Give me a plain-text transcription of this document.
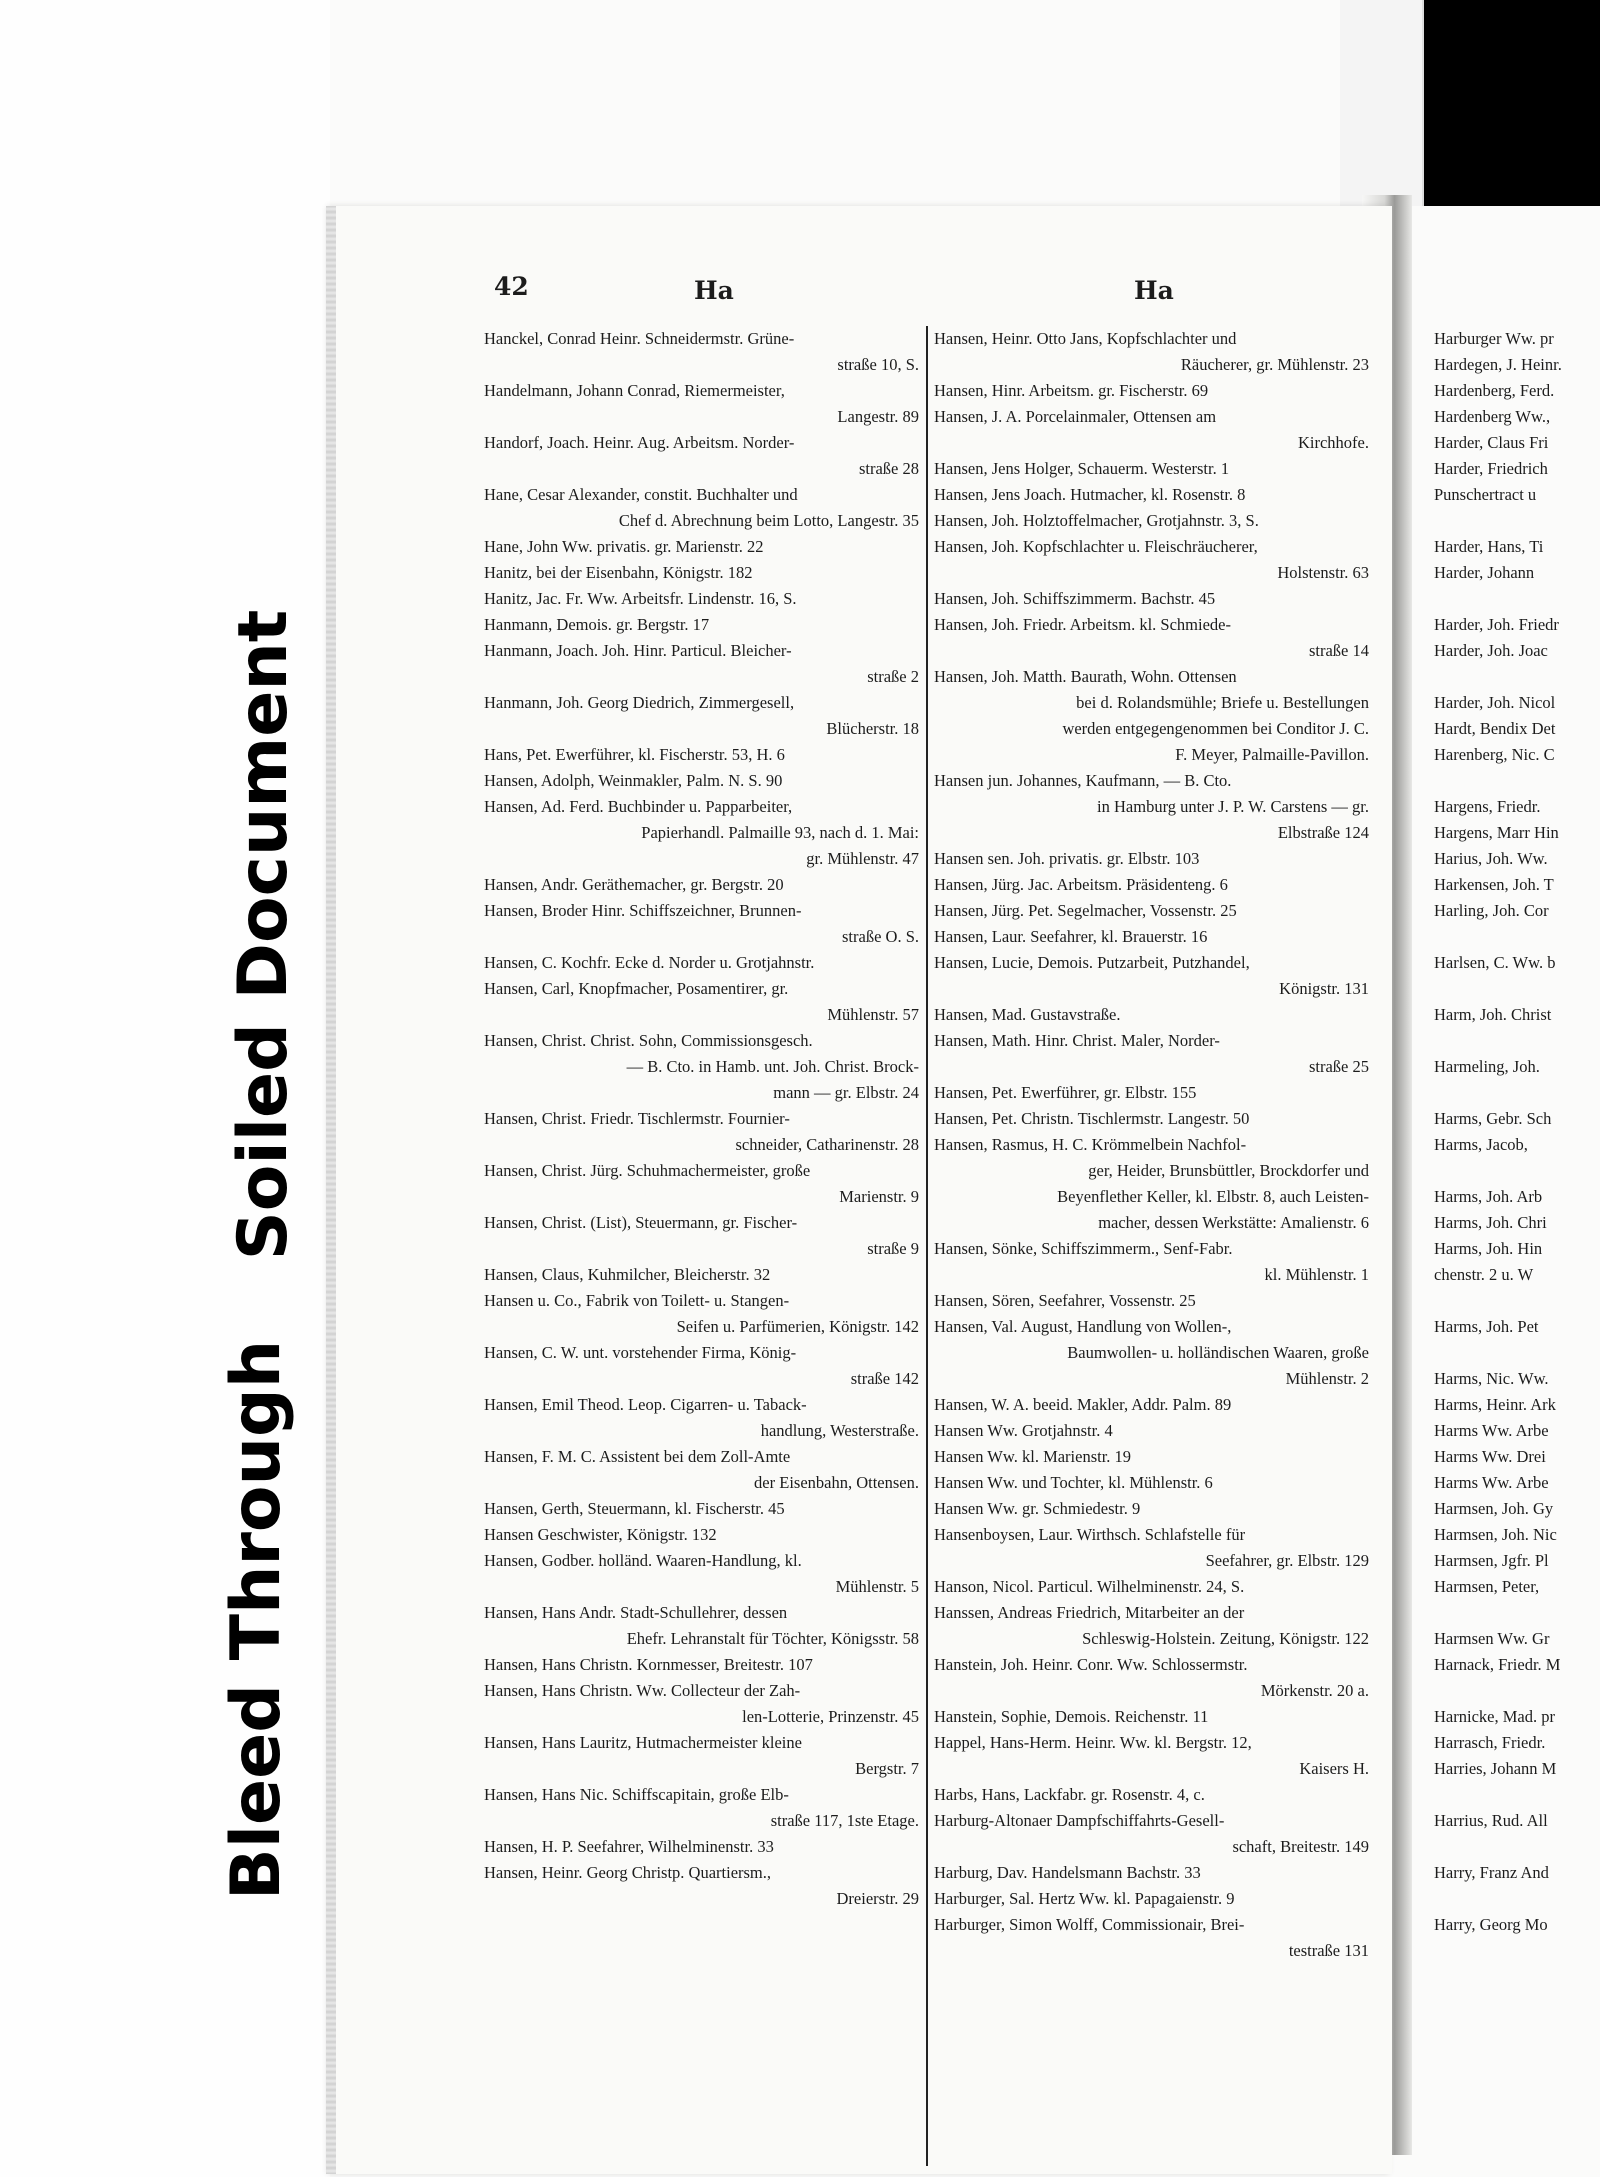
Soiled Document
Bleed Through
42	Ha	Ha
Hanckel, Conrad Heinr. Schneidermstr. Grüne-
straße 10, S.
Handelmann, Johann Conrad, Riemermeister,
Langestr. 89
Handorf, Joach. Heinr. Aug. Arbeitsm. Norder-
straße 28
Hane, Cesar Alexander, constit. Buchhalter und
Chef d. Abrechnung beim Lotto, Langestr. 35
Hane, John Ww. privatis. gr. Marienstr. 22
Hanitz, bei der Eisenbahn, Königstr. 182
Hanitz, Jac. Fr. Ww. Arbeitsfr. Lindenstr. 16, S.
Hanmann, Demois. gr. Bergstr. 17
Hanmann, Joach. Joh. Hinr. Particul. Bleicher-
straße 2
Hanmann, Joh. Georg Diedrich, Zimmergesell,
Blücherstr. 18
Hans, Pet. Ewerführer, kl. Fischerstr. 53, H. 6
Hansen, Adolph, Weinmakler, Palm. N. S. 90
Hansen, Ad. Ferd. Buchbinder u. Papparbeiter,
Papierhandl. Palmaille 93, nach d. 1. Mai:
gr. Mühlenstr. 47
Hansen, Andr. Geräthemacher, gr. Bergstr. 20
Hansen, Broder Hinr. Schiffszeichner, Brunnen-
straße O. S.
Hansen, C. Kochfr. Ecke d. Norder u. Grotjahnstr.
Hansen, Carl, Knopfmacher, Posamentirer, gr.
Mühlenstr. 57
Hansen, Christ. Christ. Sohn, Commissionsgesch.
— B. Cto. in Hamb. unt. Joh. Christ. Brock-
mann — gr. Elbstr. 24
Hansen, Christ. Friedr. Tischlermstr. Fournier-
schneider, Catharinenstr. 28
Hansen, Christ. Jürg. Schuhmachermeister, große
Marienstr. 9
Hansen, Christ. (List), Steuermann, gr. Fischer-
straße 9
Hansen, Claus, Kuhmilcher, Bleicherstr. 32
Hansen u. Co., Fabrik von Toilett- u. Stangen-
Seifen u. Parfümerien, Königstr. 142
Hansen, C. W. unt. vorstehender Firma, König-
straße 142
Hansen, Emil Theod. Leop. Cigarren- u. Taback-
handlung, Westerstraße.
Hansen, F. M. C. Assistent bei dem Zoll-Amte
der Eisenbahn, Ottensen.
Hansen, Gerth, Steuermann, kl. Fischerstr. 45
Hansen Geschwister, Königstr. 132
Hansen, Godber. holländ. Waaren-Handlung, kl.
Mühlenstr. 5
Hansen, Hans Andr. Stadt-Schullehrer, dessen
Ehefr. Lehranstalt für Töchter, Königsstr. 58
Hansen, Hans Christn. Kornmesser, Breitestr. 107
Hansen, Hans Christn. Ww. Collecteur der Zah-
len-Lotterie, Prinzenstr. 45
Hansen, Hans Lauritz, Hutmachermeister kleine
Bergstr. 7
Hansen, Hans Nic. Schiffscapitain, große Elb-
straße 117, 1ste Etage.
Hansen, H. P. Seefahrer, Wilhelminenstr. 33
Hansen, Heinr. Georg Christp. Quartiersm.,
Dreierstr. 29
Hansen, Heinr. Otto Jans, Kopfschlachter und
Räucherer, gr. Mühlenstr. 23
Hansen, Hinr. Arbeitsm. gr. Fischerstr. 69
Hansen, J. A. Porcelainmaler, Ottensen am
Kirchhofe.
Hansen, Jens Holger, Schauerm. Westerstr. 1
Hansen, Jens Joach. Hutmacher, kl. Rosenstr. 8
Hansen, Joh. Holztoffelmacher, Grotjahnstr. 3, S.
Hansen, Joh. Kopfschlachter u. Fleischräucherer,
Holstenstr. 63
Hansen, Joh. Schiffszimmerm. Bachstr. 45
Hansen, Joh. Friedr. Arbeitsm. kl. Schmiede-
straße 14
Hansen, Joh. Matth. Baurath, Wohn. Ottensen
bei d. Rolandsmühle; Briefe u. Bestellungen
werden entgegengenommen bei Conditor J. C.
F. Meyer, Palmaille-Pavillon.
Hansen jun. Johannes, Kaufmann, — B. Cto.
in Hamburg unter J. P. W. Carstens — gr.
Elbstraße 124
Hansen sen. Joh. privatis. gr. Elbstr. 103
Hansen, Jürg. Jac. Arbeitsm. Präsidenteng. 6
Hansen, Jürg. Pet. Segelmacher, Vossenstr. 25
Hansen, Laur. Seefahrer, kl. Brauerstr. 16
Hansen, Lucie, Demois. Putzarbeit, Putzhandel,
Königstr. 131
Hansen, Mad. Gustavstraße.
Hansen, Math. Hinr. Christ. Maler, Norder-
straße 25
Hansen, Pet. Ewerführer, gr. Elbstr. 155
Hansen, Pet. Christn. Tischlermstr. Langestr. 50
Hansen, Rasmus, H. C. Krömmelbein Nachfol-
ger, Heider, Brunsbüttler, Brockdorfer und
Beyenflether Keller, kl. Elbstr. 8, auch Leisten-
macher, dessen Werkstätte: Amalienstr. 6
Hansen, Sönke, Schiffszimmerm., Senf-Fabr.
kl. Mühlenstr. 1
Hansen, Sören, Seefahrer, Vossenstr. 25
Hansen, Val. August, Handlung von Wollen-,
Baumwollen- u. holländischen Waaren, große
Mühlenstr. 2
Hansen, W. A. beeid. Makler, Addr. Palm. 89
Hansen Ww. Grotjahnstr. 4
Hansen Ww. kl. Marienstr. 19
Hansen Ww. und Tochter, kl. Mühlenstr. 6
Hansen Ww. gr. Schmiedestr. 9
Hansenboysen, Laur. Wirthsch. Schlafstelle für
Seefahrer, gr. Elbstr. 129
Hanson, Nicol. Particul. Wilhelminenstr. 24, S.
Hanssen, Andreas Friedrich, Mitarbeiter an der
Schleswig-Holstein. Zeitung, Königstr. 122
Hanstein, Joh. Heinr. Conr. Ww. Schlossermstr.
Mörkenstr. 20 a.
Hanstein, Sophie, Demois. Reichenstr. 11
Happel, Hans-Herm. Heinr. Ww. kl. Bergstr. 12,
Kaisers H.
Harbs, Hans, Lackfabr. gr. Rosenstr. 4, c.
Harburg-Altonaer Dampfschiffahrts-Gesell-
schaft, Breitestr. 149
Harburg, Dav. Handelsmann Bachstr. 33
Harburger, Sal. Hertz Ww. kl. Papagaienstr. 9
Harburger, Simon Wolff, Commissionair, Brei-
testraße 131
Harburger Ww. pr
Hardegen, J. Heinr.
Hardenberg, Ferd.
Hardenberg Ww.,
Harder, Claus Fri
Harder, Friedrich
Punschertract u
Harder, Hans, Ti
Harder, Johann
Harder, Joh. Friedr
Harder, Joh. Joac
Harder, Joh. Nicol
Hardt, Bendix Det
Harenberg, Nic. C
Hargens, Friedr.
Hargens, Marr Hin
Harius, Joh. Ww.
Harkensen, Joh. T
Harling, Joh. Cor
Harlsen, C. Ww. b
Harm, Joh. Christ
Harmeling, Joh.
Harms, Gebr. Sch
Harms, Jacob,
Harms, Joh. Arb
Harms, Joh. Chri
Harms, Joh. Hin
chenstr. 2 u. W
Harms, Joh. Pet
Harms, Nic. Ww.
Harms, Heinr. Ark
Harms Ww. Arbe
Harms Ww. Drei
Harms Ww. Arbe
Harmsen, Joh. Gy
Harmsen, Joh. Nic
Harmsen, Jgfr. Pl
Harmsen, Peter,
Harmsen Ww. Gr
Harnack, Friedr. M
Harnicke, Mad. pr
Harrasch, Friedr.
Harries, Johann M
Harrius, Rud. All
Harry, Franz And
Harry, Georg Mo
